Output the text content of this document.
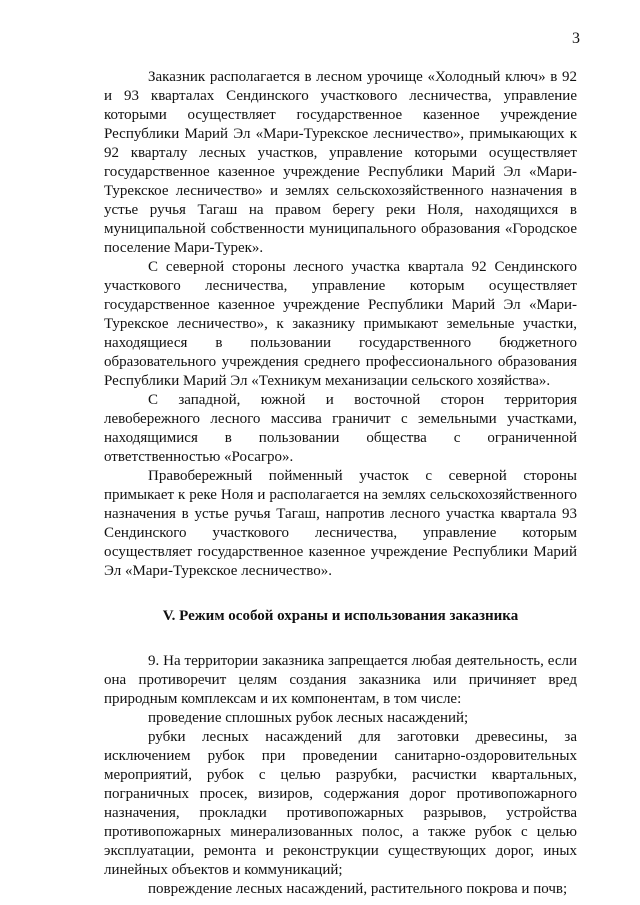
3

Заказник располагается в лесном урочище «Холодный ключ» в 92 и 93 кварталах Сендинского участкового лесничества, управление которыми осуществляет государственное казенное учреждение Республики Марий Эл «Мари-Турекское лесничество», примыкающих к 92 кварталу лесных участков, управление которыми осуществляет государственное казенное учреждение Республики Марий Эл «Мари-Турекское лесничество» и землях сельскохозяйственного назначения в устье ручья Тагаш на правом берегу реки Ноля, находящихся в муниципальной собственности муниципального образования «Городское поселение Мари-Турек».

С северной стороны лесного участка квартала 92 Сендинского участкового лесничества, управление которым осуществляет государственное казенное учреждение Республики Марий Эл «Мари-Турекское лесничество», к заказнику примыкают земельные участки, находящиеся в пользовании государственного бюджетного образовательного учреждения среднего профессионального образования Республики Марий Эл «Техникум механизации сельского хозяйства».

С западной, южной и восточной сторон территория левобережного лесного массива граничит с земельными участками, находящимися в пользовании общества с ограниченной ответственностью «Росагро».

Правобережный пойменный участок с северной стороны примыкает к реке Ноля и располагается на землях сельскохозяйственного назначения в устье ручья Тагаш, напротив лесного участка квартала 93 Сендинского участкового лесничества, управление которым осуществляет государственное казенное учреждение Республики Марий Эл «Мари-Турекское лесничество».

V. Режим особой охраны и использования заказника

9. На территории заказника запрещается любая деятельность, если она противоречит целям создания заказника или причиняет вред природным комплексам и их компонентам, в том числе:

проведение сплошных рубок лесных насаждений;

рубки лесных насаждений для заготовки древесины, за исключением рубок при проведении санитарно-оздоровительных мероприятий, рубок с целью разрубки, расчистки квартальных, пограничных просек, визиров, содержания дорог противопожарного назначения, прокладки противопожарных разрывов, устройства противопожарных минерализованных полос, а также рубок с целью эксплуатации, ремонта и реконструкции существующих дорог, иных линейных объектов и коммуникаций;

повреждение лесных насаждений, растительного покрова и почв;
